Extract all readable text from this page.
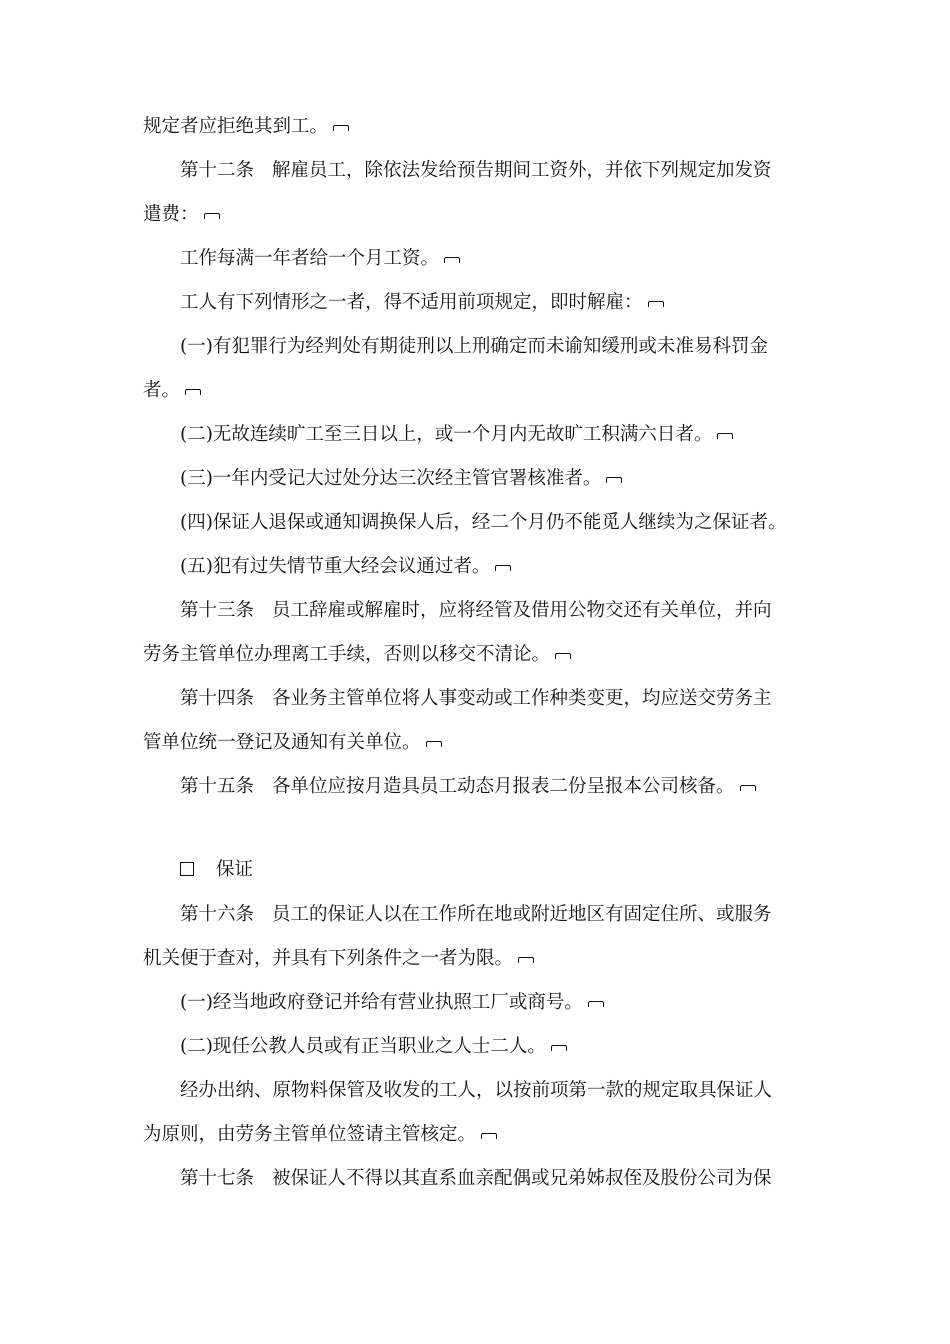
规定者应拒绝其到工。
第十二条 解雇员工，除依法发给预告期间工资外，并依下列规定加发资
遣费：
工作每满一年者给一个月工资。
工人有下列情形之一者，得不适用前项规定，即时解雇：
(一)有犯罪行为经判处有期徒刑以上刑确定而未谕知缓刑或未准易科罚金
者。
(二)无故连续旷工至三日以上，或一个月内无故旷工积满六日者。
(三)一年内受记大过处分达三次经主管官署核准者。
(四)保证人退保或通知调换保人后，经二个月仍不能觅人继续为之保证者。
(五)犯有过失情节重大经会议通过者。
第十三条 员工辞雇或解雇时，应将经管及借用公物交还有关单位，并向
劳务主管单位办理离工手续，否则以移交不清论。
第十四条 各业务主管单位将人事变动或工作种类变更，均应送交劳务主
管单位统一登记及通知有关单位。
第十五条 各单位应按月造具员工动态月报表二份呈报本公司核备。
保证
第十六条 员工的保证人以在工作所在地或附近地区有固定住所、或服务
机关便于查对，并具有下列条件之一者为限。
(一)经当地政府登记并给有营业执照工厂或商号。
(二)现任公教人员或有正当职业之人士二人。
经办出纳、原物料保管及收发的工人，以按前项第一款的规定取具保证人
为原则，由劳务主管单位签请主管核定。
第十七条 被保证人不得以其直系血亲配偶或兄弟姊叔侄及股份公司为保
